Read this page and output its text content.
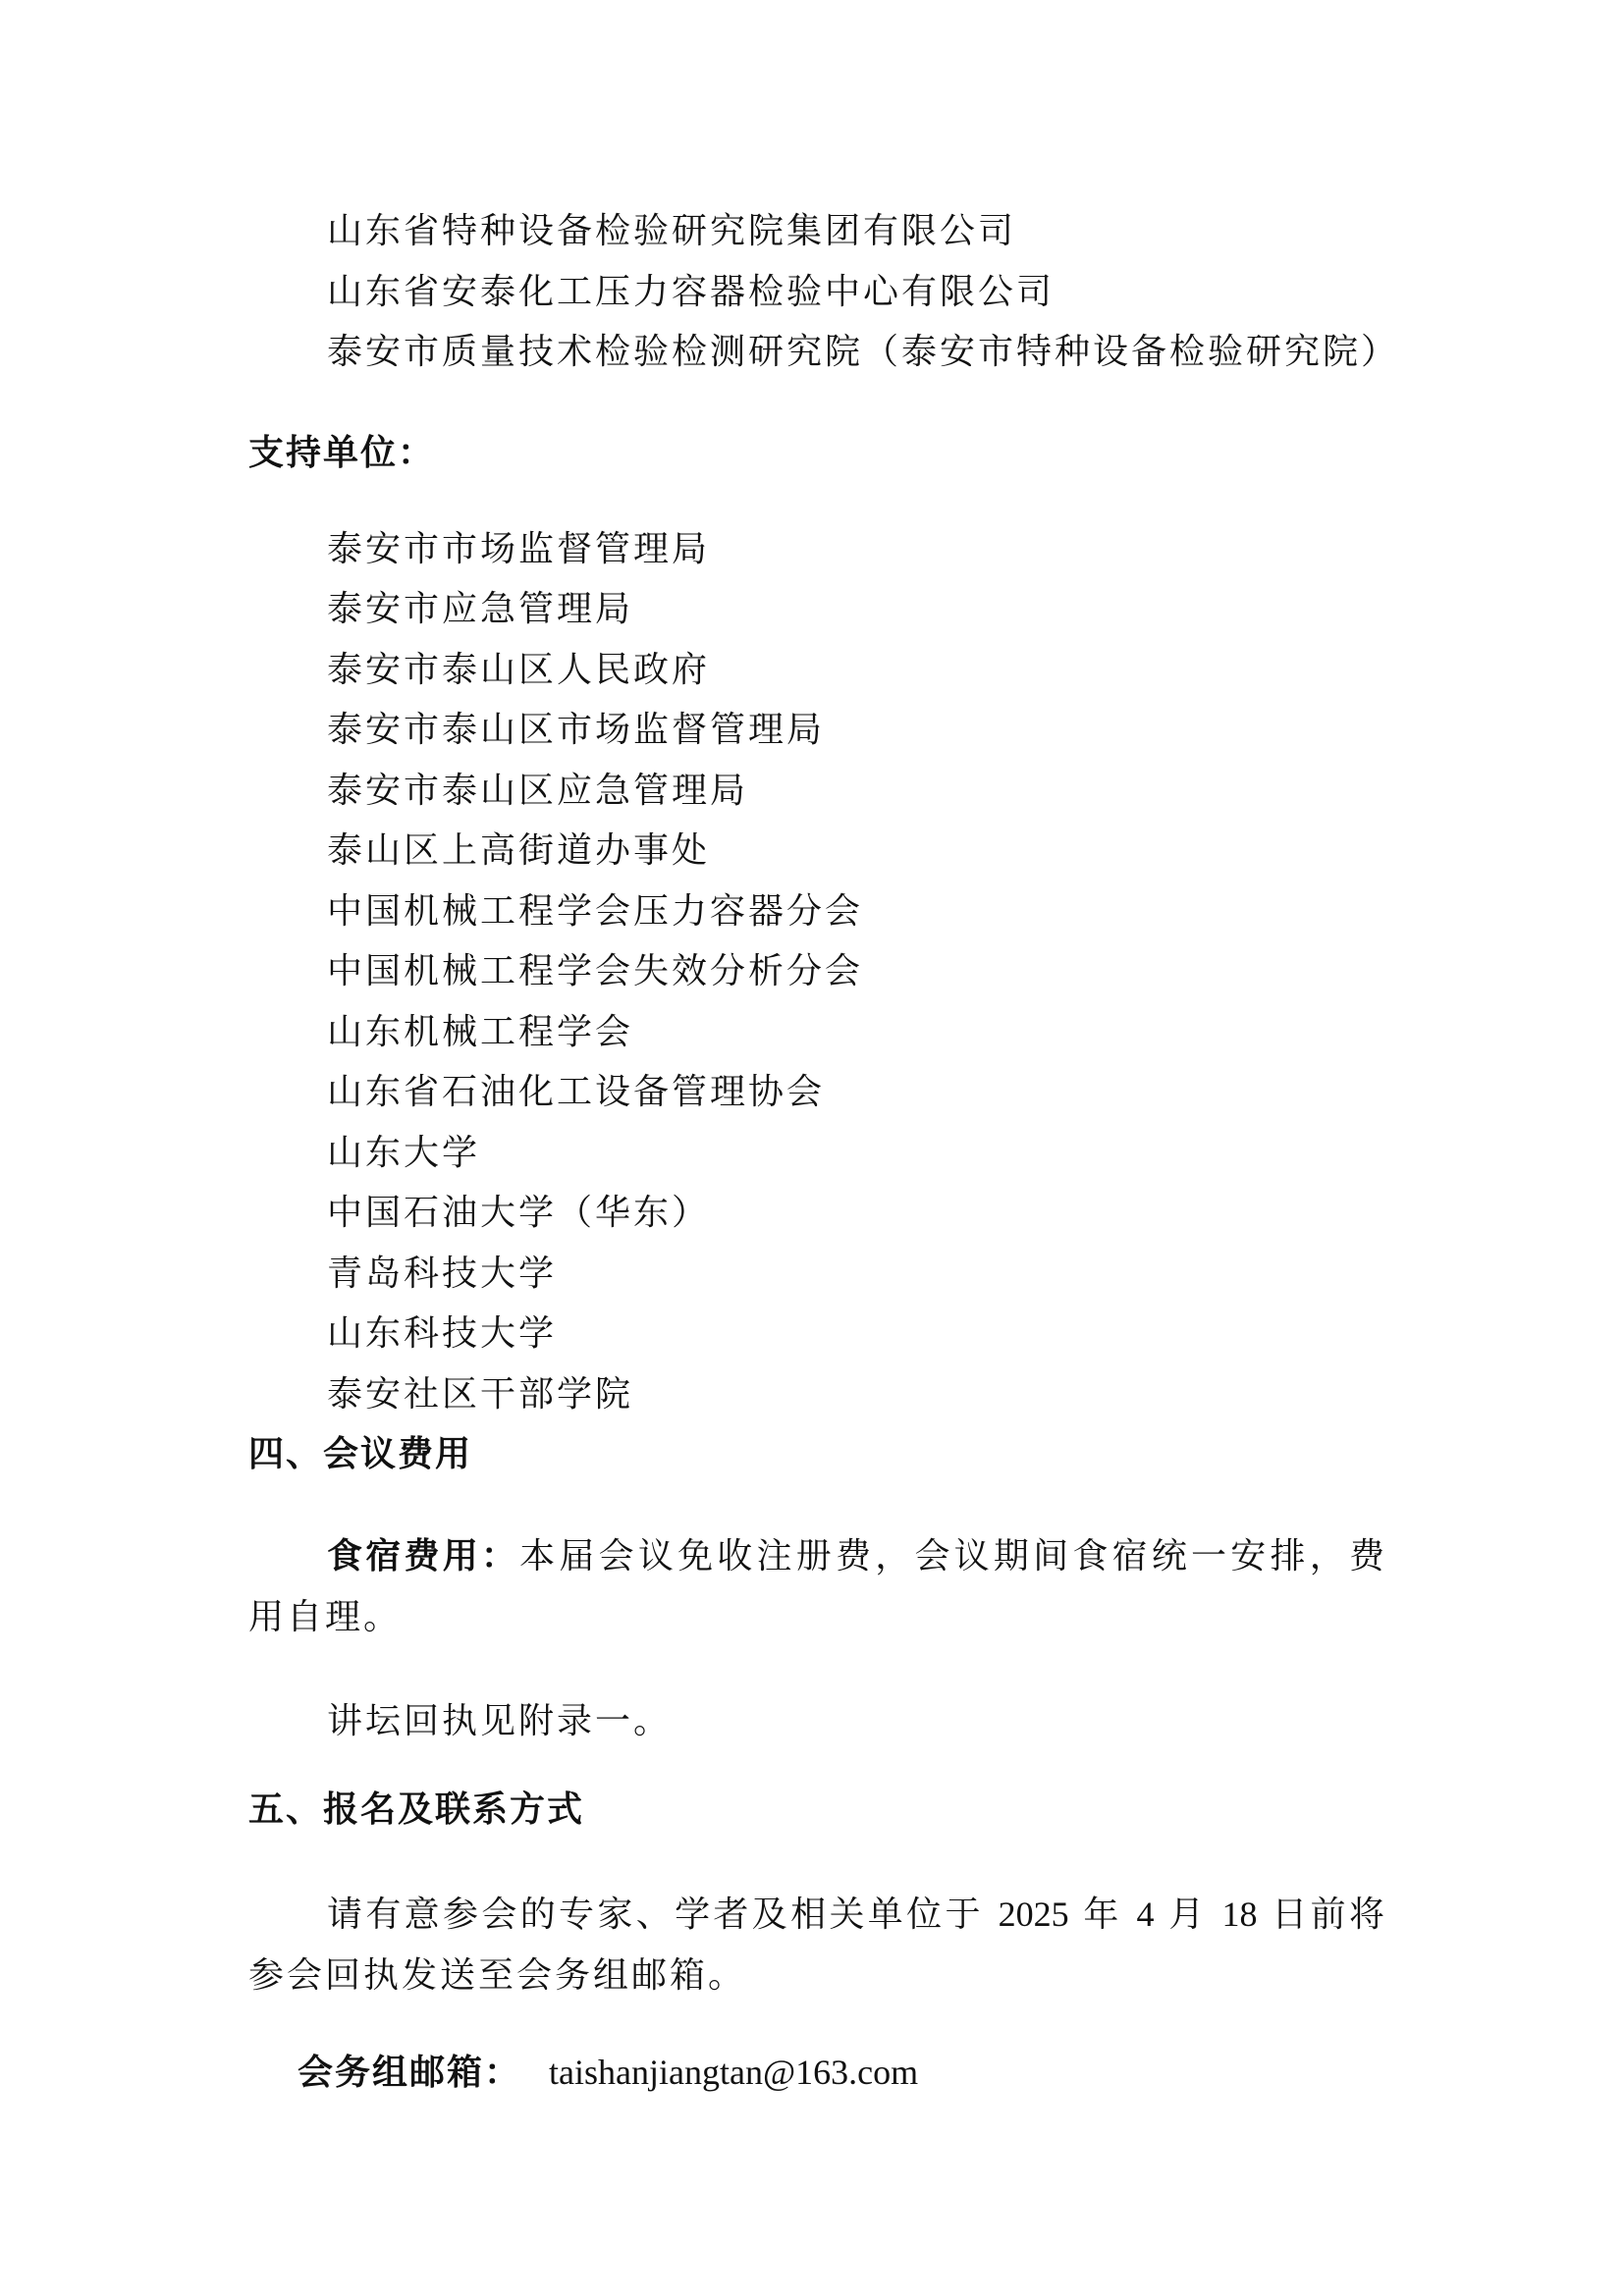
山东省特种设备检验研究院集团有限公司
山东省安泰化工压力容器检验中心有限公司
泰安市质量技术检验检测研究院（泰安市特种设备检验研究院）
支持单位：
泰安市市场监督管理局
泰安市应急管理局
泰安市泰山区人民政府
泰安市泰山区市场监督管理局
泰安市泰山区应急管理局
泰山区上高街道办事处
中国机械工程学会压力容器分会
中国机械工程学会失效分析分会
山东机械工程学会
山东省石油化工设备管理协会
山东大学
中国石油大学（华东）
青岛科技大学
山东科技大学
泰安社区干部学院
四、会议费用
食宿费用：本届会议免收注册费，会议期间食宿统一安排，费用自理。
讲坛回执见附录一。
五、报名及联系方式
请有意参会的专家、学者及相关单位于 2025 年 4 月 18 日前将参会回执发送至会务组邮箱。
会务组邮箱： taishanjiangtan@163.com
